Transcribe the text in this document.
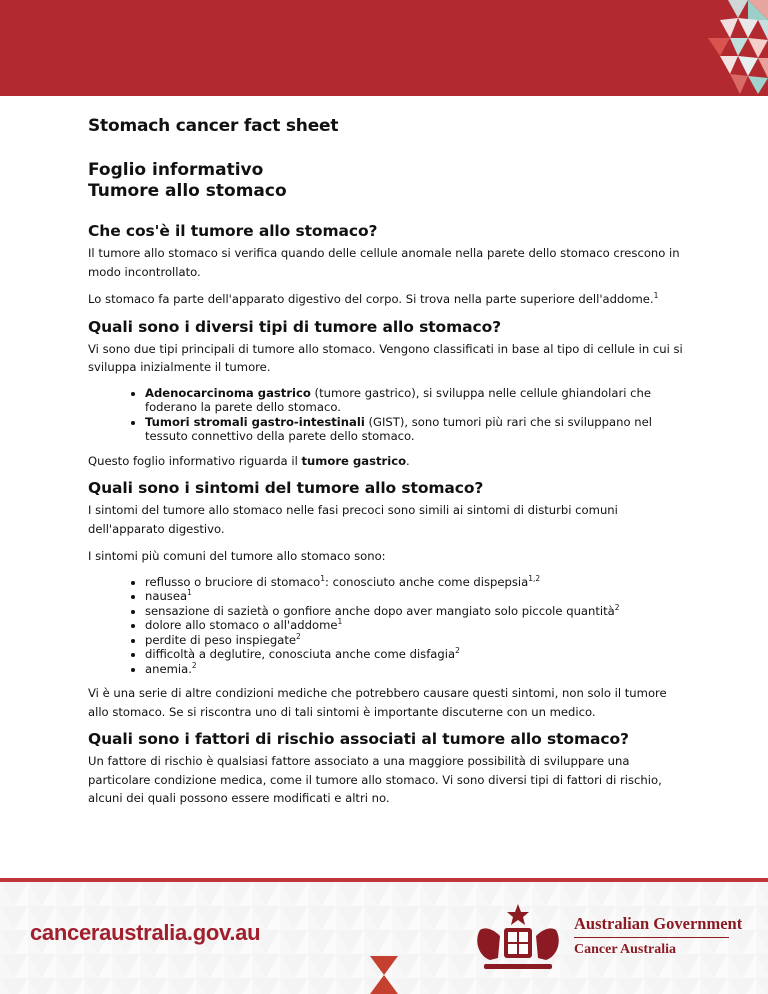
Stomach cancer fact sheet
Foglio informativo
Tumore allo stomaco
Che cos'è il tumore allo stomaco?

Il tumore allo stomaco si verifica quando delle cellule anomale nella parete dello stomaco crescono in modo incontrollato.

Lo stomaco fa parte dell'apparato digestivo del corpo. Si trova nella parte superiore dell'addome.$^1$

Quali sono i diversi tipi di tumore allo stomaco?

Vi sono due tipi principali di tumore allo stomaco. Vengono classificati in base al tipo di cellule in cui si sviluppa inizialmente il tumore.

• Adenocarcinoma gastrico (tumore gastrico), si sviluppa nelle cellule ghiandolari che foderano la parete dello stomaco.
• Tumori stromali gastro-intestinali (GIST), sono tumori più rari che si sviluppano nel tessuto connettivo della parete dello stomaco.

Questo foglio informativo riguarda il tumore gastrico.

Quali sono i sintomi del tumore allo stomaco?

I sintomi del tumore allo stomaco nelle fasi precoci sono simili ai sintomi di disturbi comuni dell'apparato digestivo.

I sintomi più comuni del tumore allo stomaco sono:

• reflusso o bruciore di stomaco$^1$: conosciuto anche come dispepsia$^{1,2}$
• nausea$^1$
• sensazione di sazietà o gonfiore anche dopo aver mangiato solo piccole quantità$^2$
• dolore allo stomaco o all'addome$^1$
• perdite di peso inspiegate$^2$
• difficoltà a deglutire, conosciuta anche come disfagia$^2$
• anemia.$^2$

Vi è una serie di altre condizioni mediche che potrebbero causare questi sintomi, non solo il tumore allo stomaco. Se si riscontra uno di tali sintomi è importante discuterne con un medico.

Quali sono i fattori di rischio associati al tumore allo stomaco?

Un fattore di rischio è qualsiasi fattore associato a una maggiore possibilità di sviluppare una particolare condizione medica, come il tumore allo stomaco. Vi sono diversi tipi di fattori di rischio, alcuni dei quali possono essere modificati e altri no.

canceraustralia.gov.au	Australian Government
Cancer Australia
